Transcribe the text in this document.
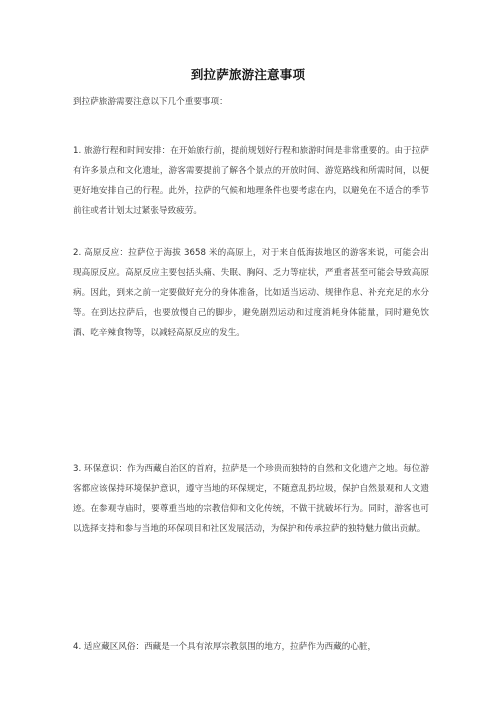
到拉萨旅游注意事项
到拉萨旅游需要注意以下几个重要事项：
1. 旅游行程和时间安排：在开始旅行前，提前规划好行程和旅游时间是非常重要的。由于拉萨有许多景点和文化遗址，游客需要提前了解各个景点的开放时间、游览路线和所需时间，以便更好地安排自己的行程。此外，拉萨的气候和地理条件也要考虑在内，以避免在不适合的季节前往或者计划太过紧张导致疲劳。
2. 高原反应：拉萨位于海拔 3658 米的高原上，对于来自低海拔地区的游客来说，可能会出现高原反应。高原反应主要包括头痛、失眠、胸闷、乏力等症状，严重者甚至可能会导致高原病。因此，到来之前一定要做好充分的身体准备，比如适当运动、规律作息、补充充足的水分等。在到达拉萨后，也要放慢自己的脚步，避免剧烈运动和过度消耗身体能量，同时避免饮酒、吃辛辣食物等，以减轻高原反应的发生。
3. 环保意识：作为西藏自治区的首府，拉萨是一个珍贵而独特的自然和文化遗产之地。每位游客都应该保持环境保护意识，遵守当地的环保规定，不随意乱扔垃圾，保护自然景观和人文遗迹。在参观寺庙时，要尊重当地的宗教信仰和文化传统，不做干扰破坏行为。同时，游客也可以选择支持和参与当地的环保项目和社区发展活动，为保护和传承拉萨的独特魅力做出贡献。
4. 适应藏区风俗：西藏是一个具有浓厚宗教氛围的地方，拉萨作为西藏的心脏，
